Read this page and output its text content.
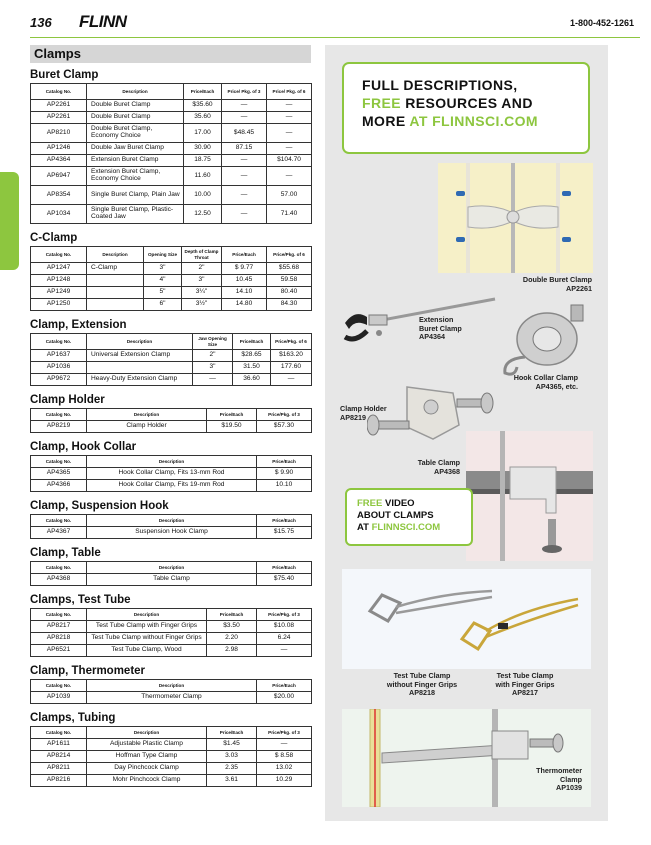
136 FLINN	1-800-452-1261
Clamps
Buret Clamp
Catalog No.	Description	Price/Each	Price/ Pkg. of 3	Price/ Pkg. of 6
AP2261	Double Buret Clamp	$35.60	—	—
AP2261	Double Buret Clamp	35.60	—	—
AP8210	Double Buret Clamp, Economy Choice	17.00	$48.45	—
AP1246	Double Jaw Buret Clamp	30.90	87.15	—
AP4364	Extension Buret Clamp	18.75	—	$104.70
AP6947	Extension Buret Clamp, Economy Choice	11.60	—	—
AP8354	Single Buret Clamp, Plain Jaw	10.00	—	57.00
AP1034	Single Buret Clamp, Plastic-Coated Jaw	12.50	—	71.40
C-Clamp
Catalog No.	Description	Opening Size	Depth of Clamp Throat	Price/Each	Price/Pkg. of 6
AP1247	C-Clamp	3"	2"	$ 9.77	$55.68
AP1248		4"	3"	10.45	59.58
AP1249		5"	3¼"	14.10	80.40
AP1250		6"	3½"	14.80	84.30
Clamp, Extension
Catalog No.	Description	Jaw Opening Size	Price/Each	Price/Pkg. of 6
AP1637	Universal Extension Clamp	2"	$28.65	$163.20
AP1036		3"	31.50	177.60
AP9672	Heavy-Duty Extension Clamp	—	36.60	—
Clamp Holder
Catalog No.	Description	Price/Each	Price/Pkg. of 3
AP8219	Clamp Holder	$19.50	$57.30
Clamp, Hook Collar
Catalog No.	Description	Price/Each
AP4365	Hook Collar Clamp, Fits 13-mm Rod	$ 9.90
AP4366	Hook Collar Clamp, Fits 19-mm Rod	10.10
Clamp, Suspension Hook
Catalog No.	Description	Price/Each
AP4367	Suspension Hook Clamp	$15.75
Clamp, Table
Catalog No.	Description	Price/Each
AP4368	Table Clamp	$75.40
Clamps, Test Tube
Catalog No.	Description	Price/Each	Price/Pkg. of 3
AP8217	Test Tube Clamp with Finger Grips	$3.50	$10.08
AP8218	Test Tube Clamp without Finger Grips	2.20	6.24
AP6521	Test Tube Clamp, Wood	2.98	—
Clamp, Thermometer
Catalog No.	Description	Price/Each
AP1039	Thermometer Clamp	$20.00
Clamps, Tubing
Catalog No.	Description	Price/Each	Price/Pkg. of 3
AP1611	Adjustable Plastic Clamp	$1.45	—
AP8214	Hoffman Type Clamp	3.03	$ 8.58
AP8211	Day Pinchcock Clamp	2.35	13.02
AP8216	Mohr Pinchcock Clamp	3.61	10.29
FULL DESCRIPTIONS,
FREE RESOURCES AND
MORE AT FLINNSCI.COM
Double Buret Clamp
AP2261
Extension
Buret Clamp
AP4364
Hook Collar Clamp
AP4365, etc.
Clamp Holder
AP8219
Table Clamp
AP4368
FREE VIDEO
ABOUT CLAMPS
AT FLINNSCI.COM
Test Tube Clamp
without Finger Grips
AP8218
Test Tube Clamp
with Finger Grips
AP8217
Thermometer
Clamp
AP1039
